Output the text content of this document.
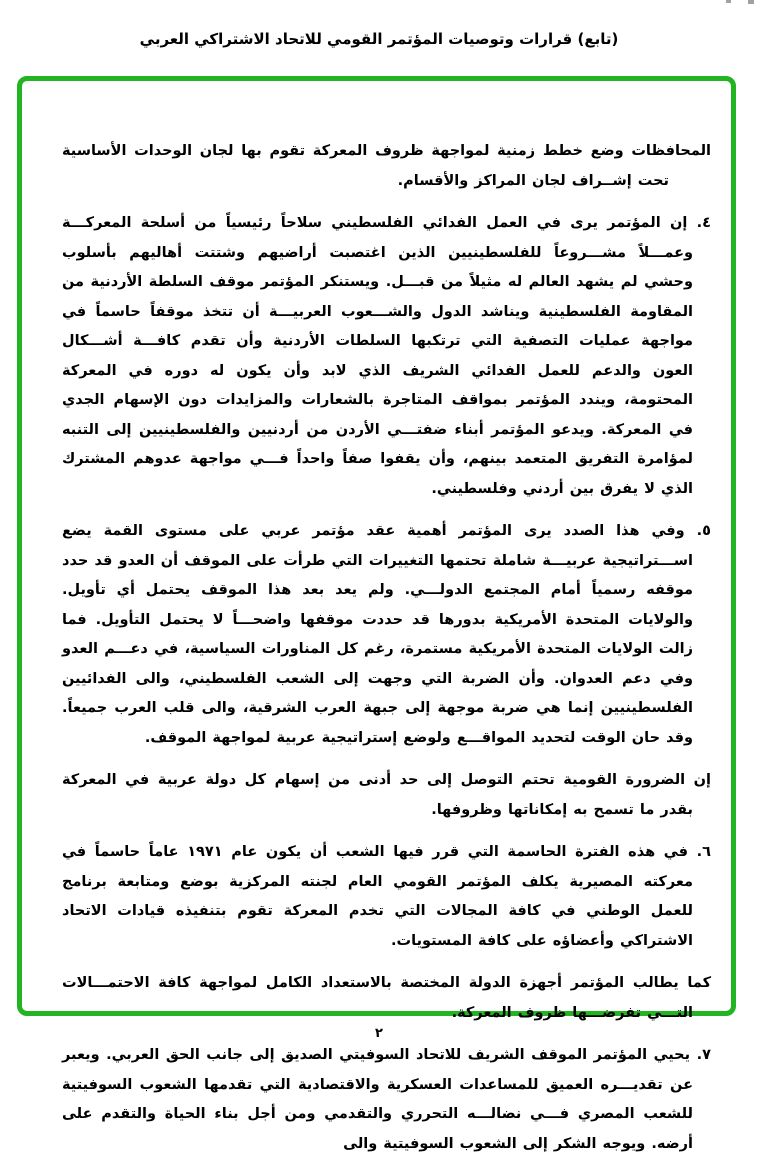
(تابع) قرارات وتوصيات المؤتمر القومي للاتحاد الاشتراكي العربي

المحافظات وضع خطط زمنية لمواجهة ظروف المعركة تقوم بها لجان الوحدات الأساسية تحت إشــراف لجان المراكز والأقسام.

٤.إن المؤتمر يرى في العمل الفدائي الفلسطيني سلاحاً رئيسياً من أسلحة المعركـــة وعمـــلاً مشـــروعاً للفلسطينيين الذين اغتصبت أراضيهم وشتتت أهاليهم بأسلوب وحشي لم يشهد العالم له مثيلاً من قبـــل. ويستنكر المؤتمر موقف السلطة الأردنية من المقاومة الفلسطينية ويناشد الدول والشـــعوب العربيـــة أن تتخذ موقفاً حاسماً في مواجهة عمليات التصفية التي ترتكبها السلطات الأردنية وأن تقدم كافـــة أشـــكال العون والدعم للعمل الفدائي الشريف الذي لابد وأن يكون له دوره في المعركة المحتومة، ويندد المؤتمر بمواقف المتاجرة بالشعارات والمزايدات دون الإسهام الجدي في المعركة. ويدعو المؤتمر أبناء ضفتـــي الأردن من أردنيين والفلسطينيين إلى التنبه لمؤامرة التفريق المتعمد بينهم، وأن يقفوا صفاً واحداً فـــي مواجهة عدوهم المشترك الذي لا يفرق بين أردني وفلسطيني.

٥.وفي هذا الصدد يرى المؤتمر أهمية عقد مؤتمر عربي على مستوى القمة يضع اســـتراتيجية عربيـــة شاملة تحتمها التغييرات التي طرأت على الموقف أن العدو قد حدد موقفه رسمياً أمام المجتمع الدولـــي. ولم يعد بعد هذا الموقف يحتمل أي تأويل. والولايات المتحدة الأمريكية بدورها قد حددت موقفها واضحـــاً لا يحتمل التأويل. فما زالت الولايات المتحدة الأمريكية مستمرة، رغم كل المناورات السياسية، في دعـــم العدو وفي دعم العدوان. وأن الضربة التي وجهت إلى الشعب الفلسطيني، والى الفدائيين الفلسطينيين إنما هي ضربة موجهة إلى جبهة العرب الشرقية، والى قلب العرب جميعاً. وقد حان الوقت لتحديد المواقـــع ولوضع إستراتيجية عربية لمواجهة الموقف.

إن الضرورة القومية تحتم التوصل إلى حد أدنى من إسهام كل دولة عربية في المعركة بقدر ما تسمح به إمكاناتها وظروفها.

٦.في هذه الفترة الحاسمة التي قرر فيها الشعب أن يكون عام ١٩٧١ عاماً حاسماً في معركته المصيرية يكلف المؤتمر القومي العام لجنته المركزية بوضع ومتابعة برنامج للعمل الوطني في كافة المجالات التي تخدم المعركة تقوم بتنفيذه قيادات الاتحاد الاشتراكي وأعضاؤه على كافة المستويات.

كما يطالب المؤتمر أجهزة الدولة المختصة بالاستعداد الكامل لمواجهة كافة الاحتمـــالات التـــي تفرضـــها ظروف المعركة.

٧.يحيي المؤتمر الموقف الشريف للاتحاد السوفيتي الصديق إلى جانب الحق العربي. ويعبر عن تقديـــره العميق للمساعدات العسكرية والاقتصادية التي تقدمها الشعوب السوفيتية للشعب المصري فـــي نضالـــه التحرري والتقدمي ومن أجل بناء الحياة والتقدم على أرضه. ويوجه الشكر إلى الشعوب السوفيتية والى

٢
